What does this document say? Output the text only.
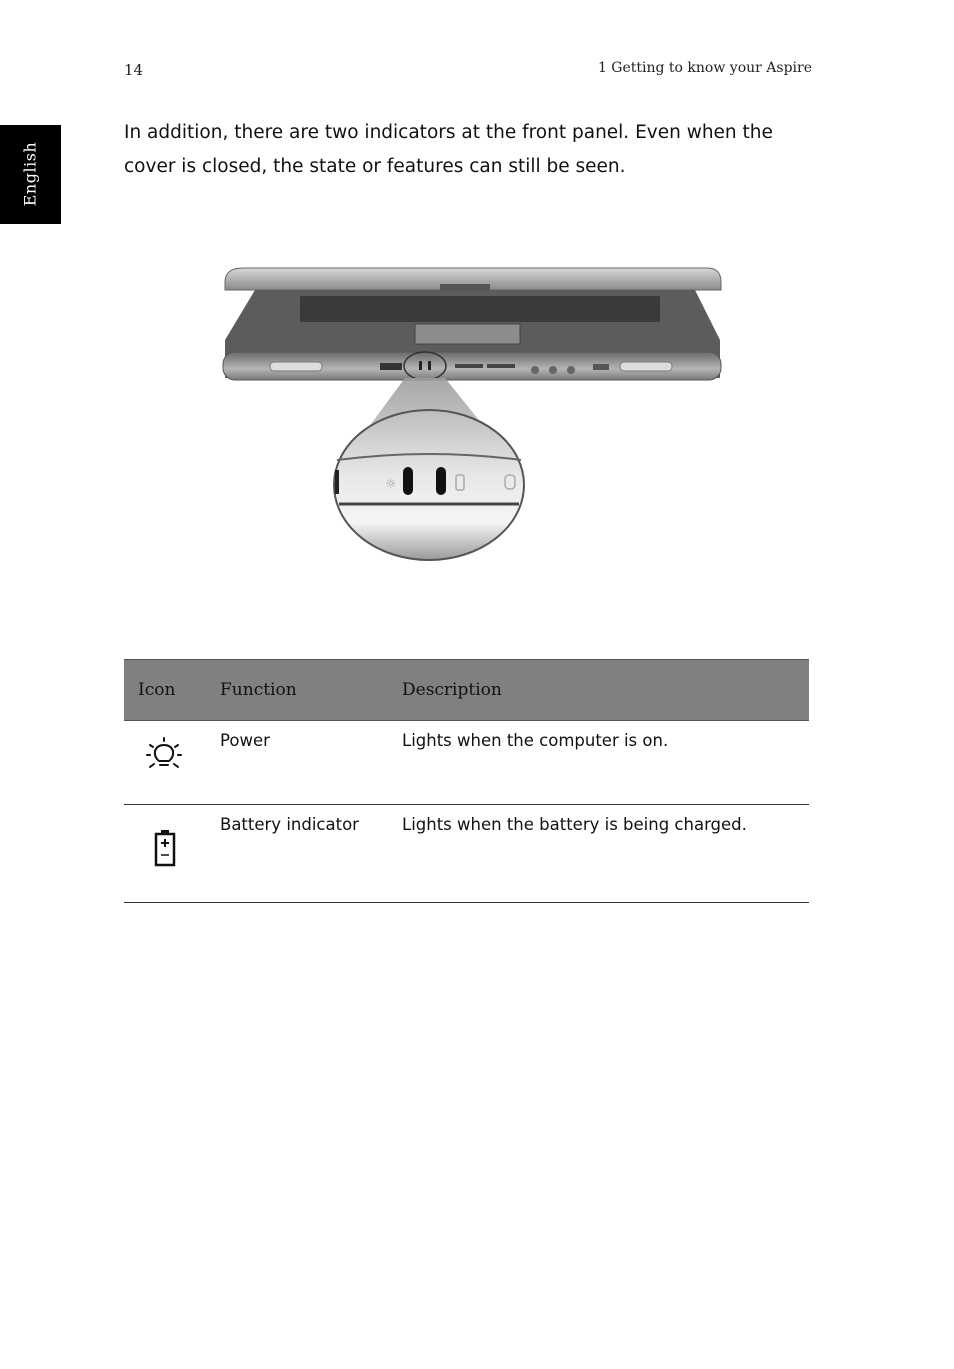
14	1 Getting to know your Aspire
English

In addition, there are two indicators at the front panel. Even when the cover is closed, the state or features can still be seen.

☼
Icon	Function	Description

	Power	Lights when the computer is on.

	Battery indicator	Lights when the battery is being charged.
